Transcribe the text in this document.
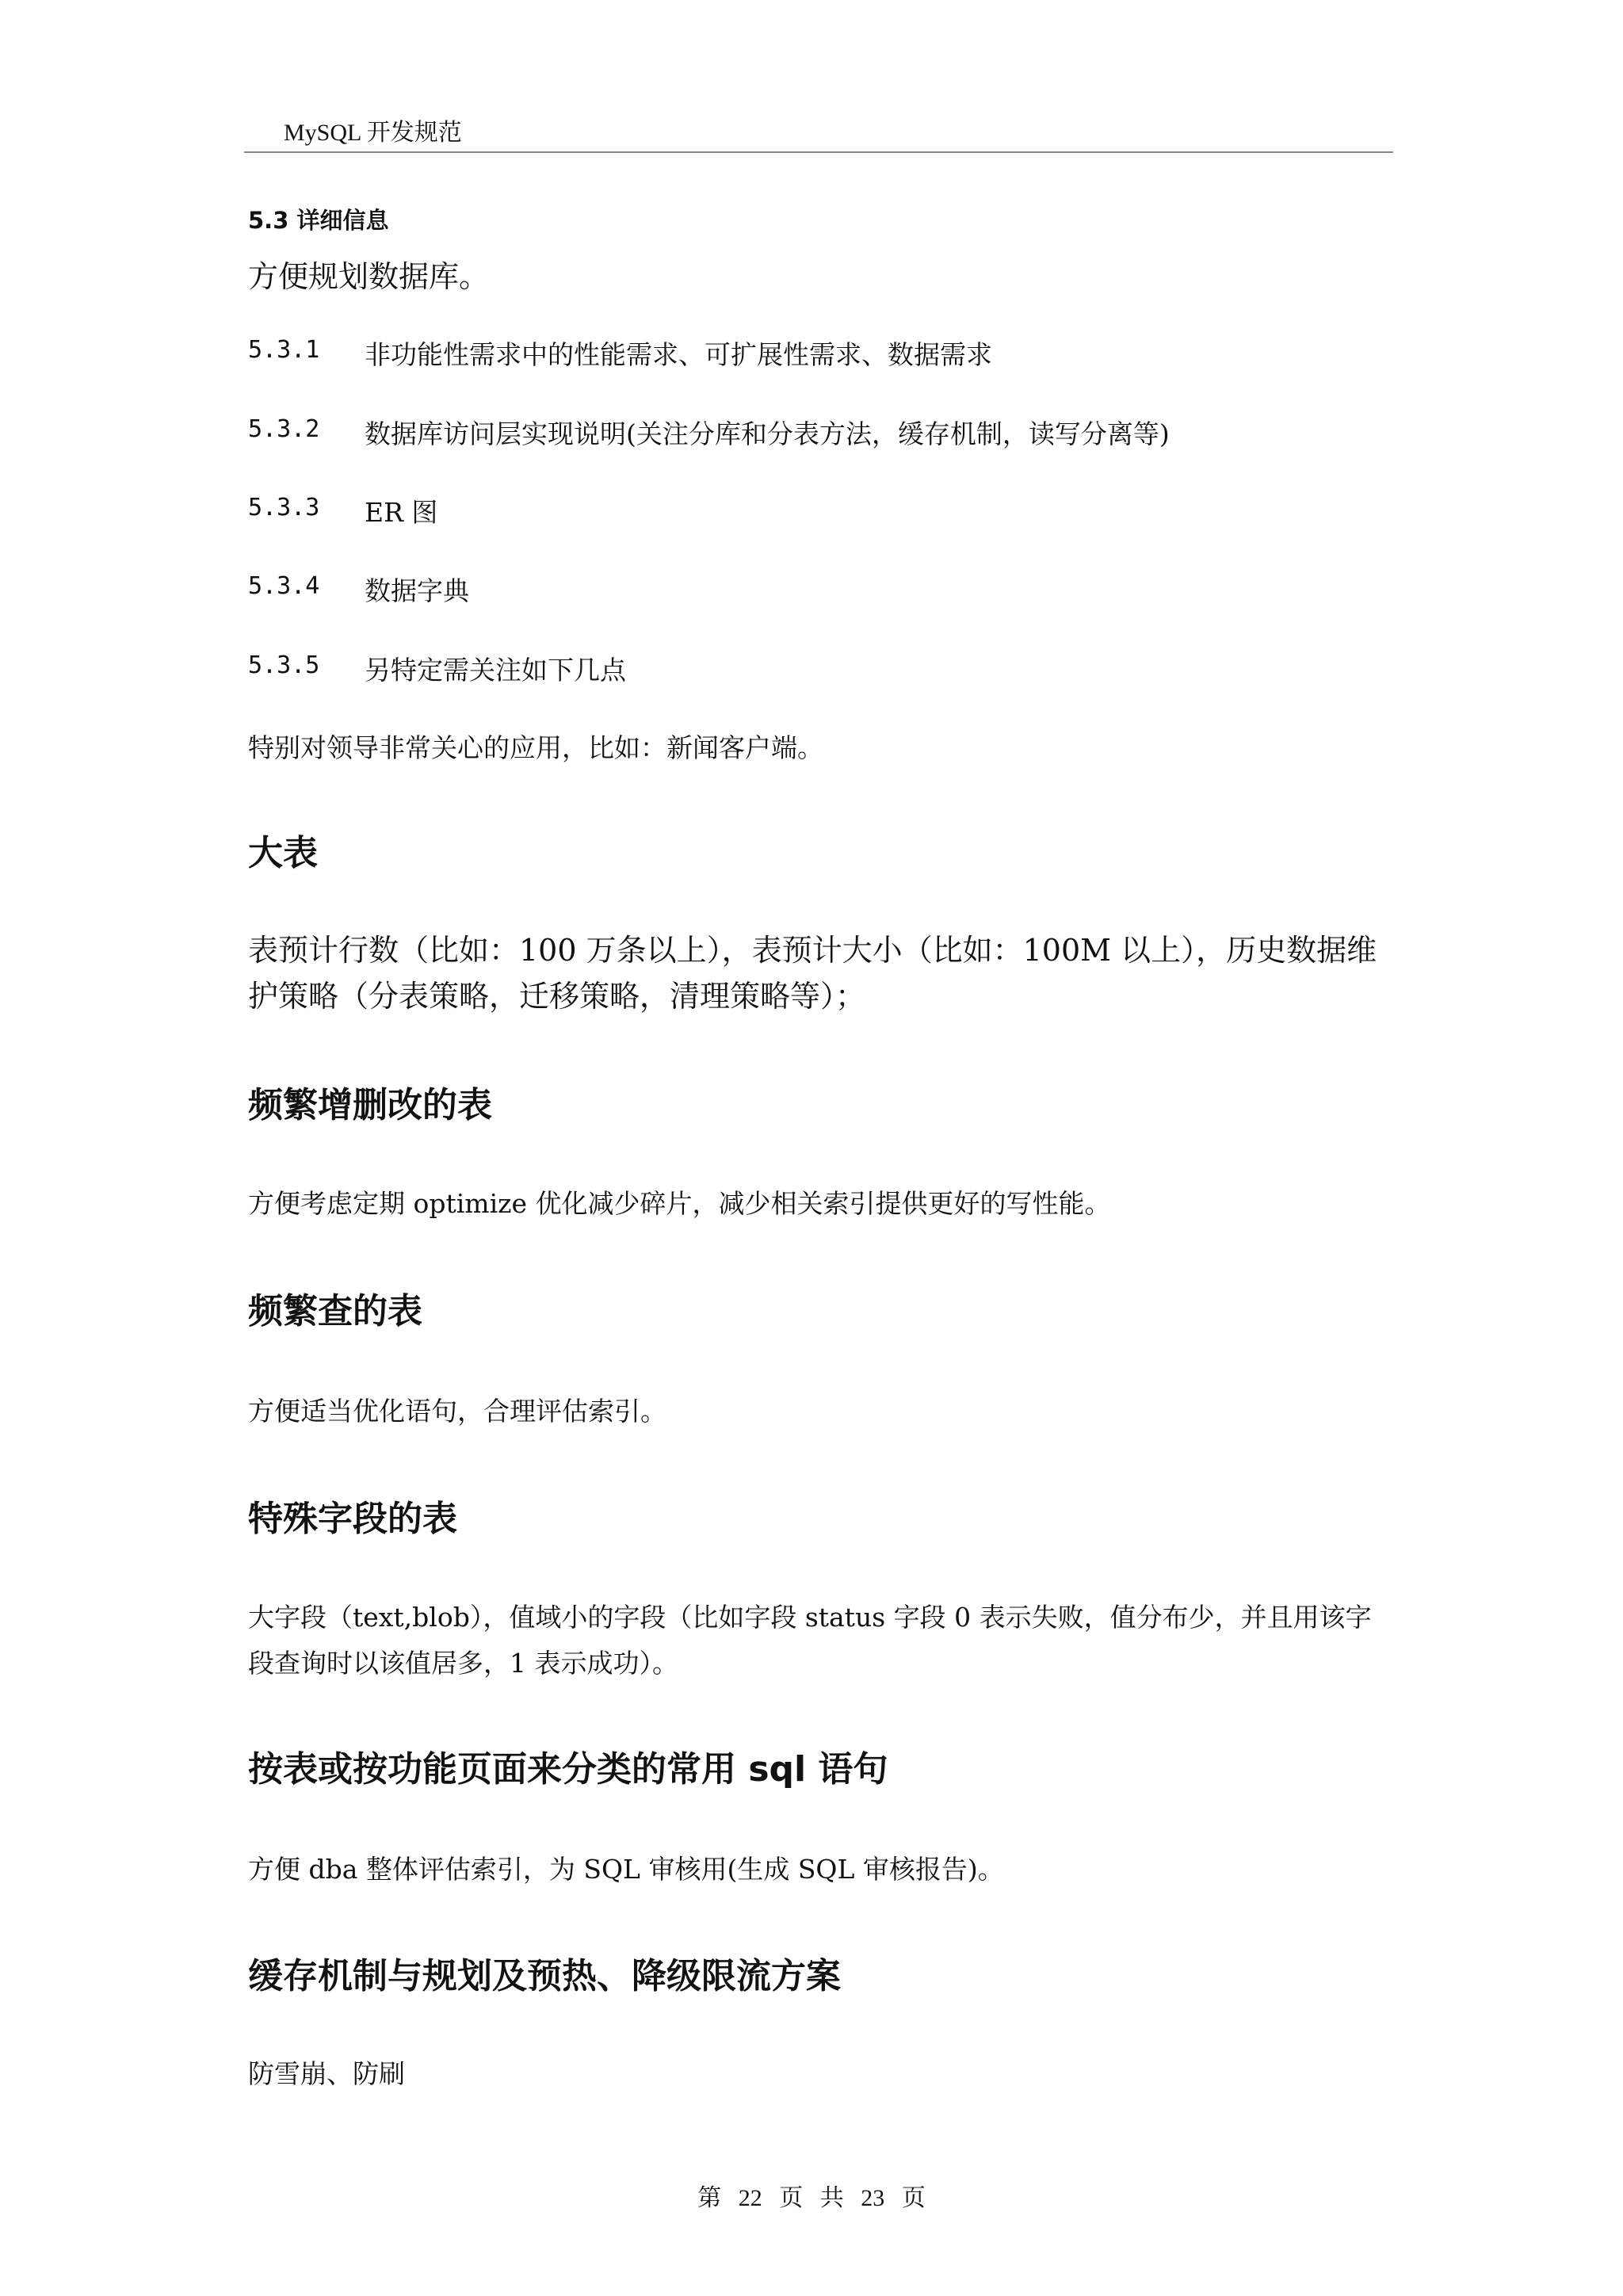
MySQL 开发规范
5.3 详细信息
方便规划数据库。
5.3.1 非功能性需求中的性能需求、可扩展性需求、数据需求
5.3.2 数据库访问层实现说明(关注分库和分表方法，缓存机制，读写分离等)
5.3.3 ER 图
5.3.4 数据字典
5.3.5 另特定需关注如下几点
特别对领导非常关心的应用，比如：新闻客户端。
大表
表预计行数（比如：100 万条以上），表预计大小（比如：100M 以上），历史数据维护策略（分表策略，迁移策略，清理策略等）；
频繁增删改的表
方便考虑定期 optimize 优化减少碎片，减少相关索引提供更好的写性能。
频繁查的表
方便适当优化语句，合理评估索引。
特殊字段的表
大字段（text,blob），值域小的字段（比如字段 status 字段 0 表示失败，值分布少，并且用该字段查询时以该值居多，1 表示成功）。
按表或按功能页面来分类的常用 sql 语句
方便 dba 整体评估索引，为 SQL 审核用(生成 SQL 审核报告)。
缓存机制与规划及预热、降级限流方案
防雪崩、防刷
第 22 页 共 23 页
